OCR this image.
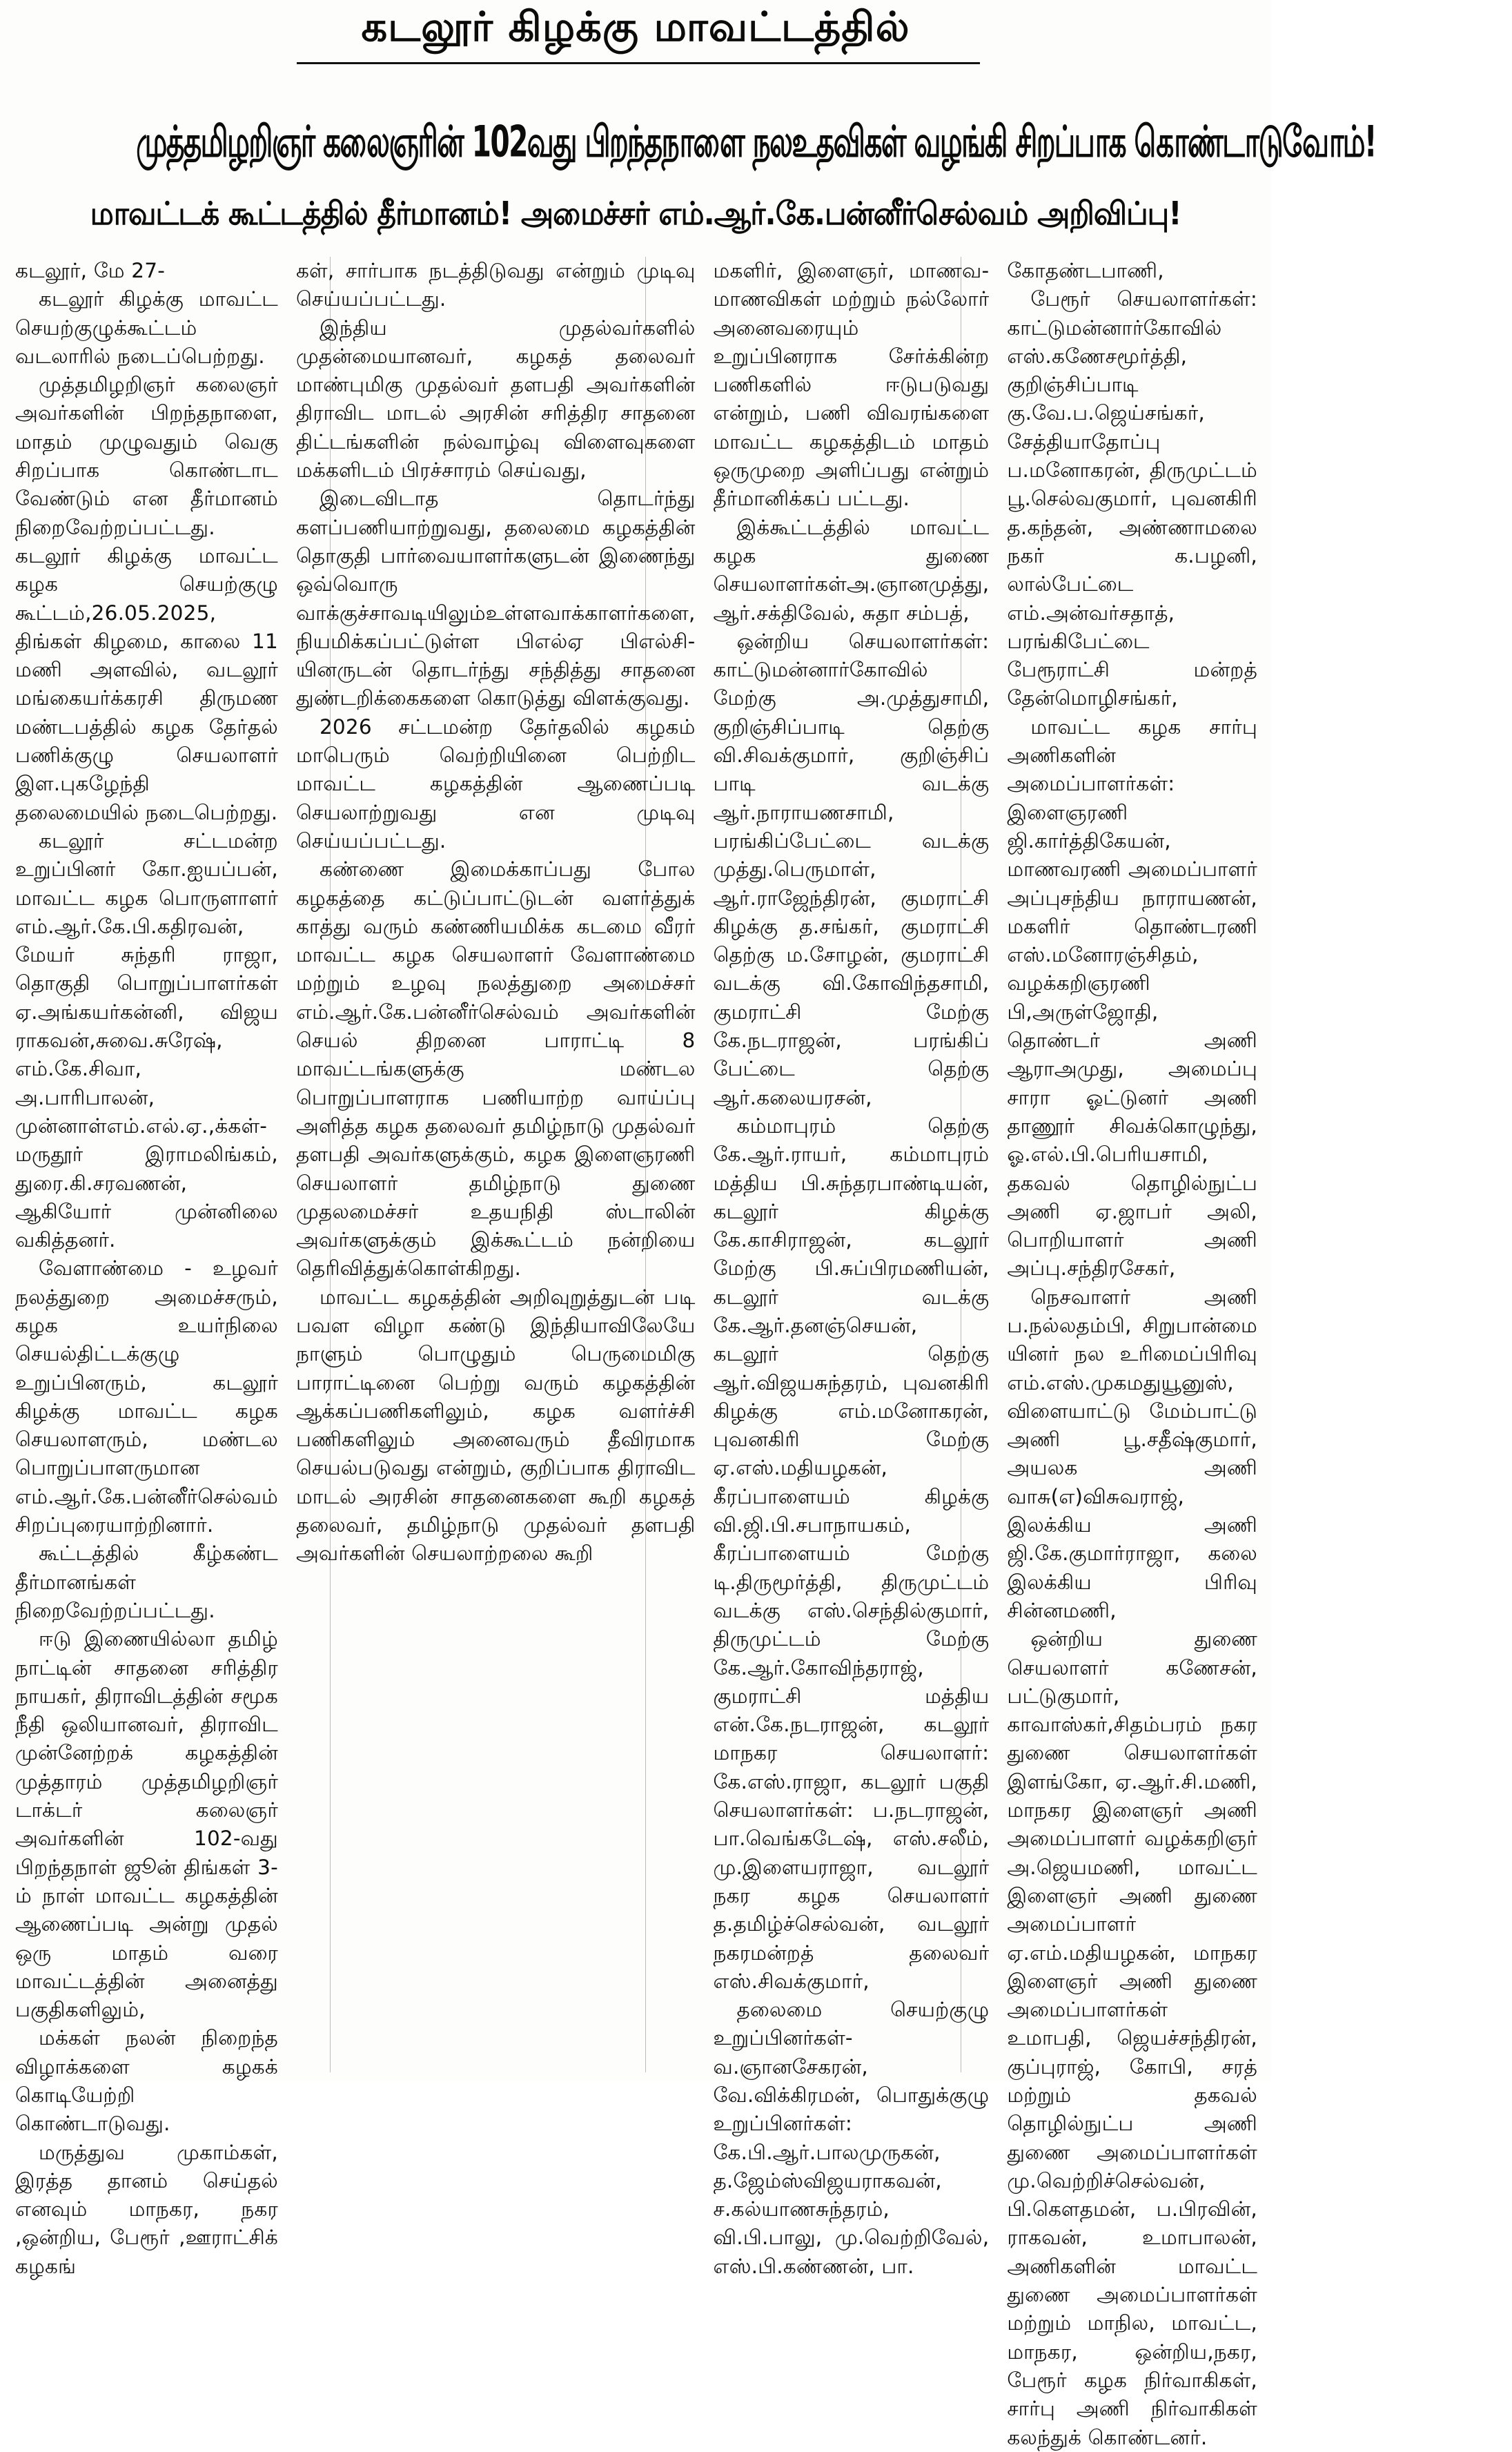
கடலூர் கிழக்கு மாவட்டத்தில்
முத்தமிழறிஞர் கலைஞரின் 102வது பிறந்தநாளை நலஉதவிகள் வழங்கி சிறப்பாக கொண்டாடுவோம்!
மாவட்டக் கூட்டத்தில் தீர்மானம்! அமைச்சர் எம்.ஆர்.கே.பன்னீர்செல்வம் அறிவிப்பு!

கடலூர், மே 27-

கடலூர் கிழக்கு மாவட்ட செயற்குழுக்கூட்டம் வடலாரில் நடைப்பெற்றது.

முத்தமிழறிஞர் கலைஞர் அவர்களின் பிறந்தநாளை, மாதம் முழுவதும் வெகு சிறப்பாக கொண்டாட வேண்டும் என தீர்மானம் நிறைவேற்றப்பட்டது. கடலூர் கிழக்கு மாவட்ட கழக செயற்குழு கூட்டம்,26.05.2025, திங்கள் கிழமை, காலை 11 மணி அளவில், வடலூர் மங்கையர்க்கரசி திருமண மண்டபத்தில் கழக தேர்தல் பணிக்குழு செயலாளர் இள.புகழேந்தி தலைமையில் நடைபெற்றது.

கடலூர் சட்டமன்ற உறுப்பினர் கோ.ஐயப்பன், மாவட்ட கழக பொருளாளர் எம்.ஆர்.கே.பி.கதிரவன், மேயர் சுந்தரி ராஜா, தொகுதி பொறுப்பாளர்கள் ஏ.அங்கயர்கன்னி, விஜய ராகவன்,சுவை.சுரேஷ், எம்.கே.சிவா, அ.பாரிபாலன், முன்னாள்எம்.எல்.ஏ.,க்கள்- மருதூர் இராமலிங்கம், துரை.கி.சரவணன், ஆகியோர் முன்னிலை வகித்தனர்.

வேளாண்மை - உழவர் நலத்துறை அமைச்சரும், கழக உயர்நிலை செயல்திட்டக்குழு உறுப்பினரும், கடலூர் கிழக்கு மாவட்ட கழக செயலாளரும், மண்டல பொறுப்பாளருமான எம்.ஆர்.கே.பன்னீர்செல்வம் சிறப்புரையாற்றினார்.

கூட்டத்தில் கீழ்கண்ட தீர்மானங்கள் நிறைவேற்றப்பட்டது.

ஈடு இணையில்லா தமிழ் நாட்டின் சாதனை சரித்திர நாயகர், திராவிடத்தின் சமூக நீதி ஒலியானவர், திராவிட முன்னேற்றக் கழகத்தின் முத்தாரம் முத்தமிழறிஞர் டாக்டர் கலைஞர் அவர்களின் 102-வது பிறந்தநாள் ஜூன் திங்கள் 3-ம் நாள் மாவட்ட கழகத்தின் ஆணைப்படி அன்று முதல் ஒரு மாதம் வரை மாவட்டத்தின் அனைத்து பகுதிகளிலும்,

மக்கள் நலன் நிறைந்த விழாக்களை கழகக் கொடியேற்றி கொண்டாடுவது.

மருத்துவ முகாம்கள், இரத்த தானம் செய்தல் எனவும் மாநகர, நகர ,ஒன்றிய, பேரூர் ,ஊராட்சிக் கழகங்

கள், சார்பாக நடத்திடுவது என்றும் முடிவு செய்யப்பட்டது.

இந்திய முதல்வர்களில் முதன்மையானவர், கழகத் தலைவர் மாண்புமிகு முதல்வர் தளபதி அவர்களின் திராவிட மாடல் அரசின் சரித்திர சாதனை திட்டங்களின் நல்வாழ்வு விளைவுகளை மக்களிடம் பிரச்சாரம் செய்வது,

இடைவிடாத தொடர்ந்து களப்பணியாற்றுவது, தலைமை கழகத்தின் தொகுதி பார்வையாளர்களுடன் இணைந்து ஒவ்வொரு வாக்குச்சாவடியிலும்உள்ளவாக்காளர்களை, நியமிக்கப்பட்டுள்ள பிஎல்ஏ பிஎல்சி- யினருடன் தொடர்ந்து சந்தித்து சாதனை துண்டறிக்கைகளை கொடுத்து விளக்குவது.

2026 சட்டமன்ற தேர்தலில் கழகம் மாபெரும் வெற்றியினை பெற்றிட மாவட்ட கழகத்தின் ஆணைப்படி செயலாற்றுவது என முடிவு செய்யப்பட்டது.

கண்ணை இமைக்காப்பது போல கழகத்தை கட்டுப்பாட்டுடன் வளர்த்துக் காத்து வரும் கண்ணியமிக்க கடமை வீரர் மாவட்ட கழக செயலாளர் வேளாண்மை மற்றும் உழவு நலத்துறை அமைச்சர் எம்.ஆர்.கே.பன்னீர்செல்வம் அவர்களின் செயல் திறனை பாராட்டி 8 மாவட்டங்களுக்கு மண்டல பொறுப்பாளராக பணியாற்ற வாய்ப்பு அளித்த கழக தலைவர் தமிழ்நாடு முதல்வர் தளபதி அவர்களுக்கும், கழக இளைஞரணி செயலாளர் தமிழ்நாடு துணை முதலமைச்சர் உதயநிதி ஸ்டாலின் அவர்களுக்கும் இக்கூட்டம் நன்றியை தெரிவித்துக்கொள்கிறது.

மாவட்ட கழகத்தின் அறிவுறுத்துடன் படி பவள விழா கண்டு இந்தியாவிலேயே நாளும் பொழுதும் பெருமைமிகு பாராட்டினை பெற்று வரும் கழகத்தின் ஆக்கப்பணிகளிலும், கழக வளர்ச்சி பணிகளிலும் அனைவரும் தீவிரமாக செயல்படுவது என்றும், குறிப்பாக திராவிட மாடல் அரசின் சாதனைகளை கூறி கழகத் தலைவர், தமிழ்நாடு முதல்வர் தளபதி அவர்களின் செயலாற்றலை கூறி

மகளிர், இளைஞர், மாணவ-மாணவிகள் மற்றும் நல்லோர் அனைவரையும் உறுப்பினராக சேர்க்கின்ற பணிகளில் ஈடுபடுவது என்றும், பணி விவரங்களை மாவட்ட கழகத்திடம் மாதம் ஒருமுறை அளிப்பது என்றும் தீர்மானிக்கப் பட்டது.

இக்கூட்டத்தில் மாவட்ட கழக துணை செயலாளர்கள்அ.ஞானமுத்து, ஆர்.சக்திவேல், சுதா சம்பத்,

ஒன்றிய செயலாளர்கள்: காட்டுமன்னார்கோவில் மேற்கு அ.முத்துசாமி, குறிஞ்சிப்பாடி தெற்கு வி.சிவக்குமார், குறிஞ்சிப் பாடி வடக்கு ஆர்.நாராயணசாமி, பரங்கிப்பேட்டை வடக்கு முத்து.பெருமாள், ஆர்.ராஜேந்திரன், குமராட்சி கிழக்கு த.சங்கர், குமராட்சி தெற்கு ம.சோழன், குமராட்சி வடக்கு வி.கோவிந்தசாமி, குமராட்சி மேற்கு கே.நடராஜன், பரங்கிப் பேட்டை தெற்கு ஆர்.கலையரசன்,

கம்மாபுரம் தெற்கு கே.ஆர்.ராயர், கம்மாபுரம் மத்திய பி.சுந்தரபாண்டியன், கடலூர் கிழக்கு கே.காசிராஜன், கடலூர் மேற்கு பி.சுப்பிரமணியன், கடலூர் வடக்கு கே.ஆர்.தனஞ்செயன், கடலூர் தெற்கு ஆர்.விஜயசுந்தரம், புவனகிரி கிழக்கு எம்.மனோகரன், புவனகிரி மேற்கு ஏ.எஸ்.மதியழகன், கீரப்பாளையம் கிழக்கு வி.ஜி.பி.சபாநாயகம், கீரப்பாளையம் மேற்கு டி.திருமூர்த்தி, திருமுட்டம் வடக்கு எஸ்.செந்தில்குமார், திருமுட்டம் மேற்கு கே.ஆர்.கோவிந்தராஜ், குமராட்சி மத்திய என்.கே.நடராஜன், கடலூர் மாநகர செயலாளர்: கே.எஸ்.ராஜா, கடலூர் பகுதி செயலாளர்கள்: ப.நடராஜன், பா.வெங்கடேஷ், எஸ்.சலீம், மு.இளையராஜா, வடலூர் நகர கழக செயலாளர் த.தமிழ்ச்செல்வன், வடலூர் நகரமன்றத் தலைவர் எஸ்.சிவக்குமார்,

தலைமை செயற்குழு உறுப்பினர்கள்- வ.ஞானசேகரன், வே.விக்கிரமன், பொதுக்குழு உறுப்பினர்கள்: கே.பி.ஆர்.பாலமுருகன், த.ஜேம்ஸ்விஜயராகவன், ச.கல்யாணசுந்தரம், வி.பி.பாலு, மு.வெற்றிவேல், எஸ்.பி.கண்ணன், பா.

கோதண்டபாணி,

பேரூர் செயலாளர்கள்: காட்டுமன்னார்கோவில் எஸ்.கணேசமூர்த்தி, குறிஞ்சிப்பாடி கு.வே.ப.ஜெய்சங்கர், சேத்தியாதோப்பு ப.மனோகரன், திருமுட்டம் பூ.செல்வகுமார், புவனகிரி த.கந்தன், அண்ணாமலை நகர் க.பழனி, லால்பேட்டை எம்.அன்வர்சதாத், பரங்கிபேட்டை பேரூராட்சி மன்றத் தேன்மொழிசங்கர்,

மாவட்ட கழக சார்பு அணிகளின் அமைப்பாளர்கள்: இளைஞரணி ஜி.கார்த்திகேயன், மாணவரணி அமைப்பாளர் அப்புசந்திய நாராயணன், மகளிர் தொண்டரணி எஸ்.மனோரஞ்சிதம், வழக்கறிஞரணி பி,அருள்ஜோதி, தொண்டர் அணி ஆராஅமுது, அமைப்பு சாரா ஓட்டுனர் அணி தாணூர் சிவக்கொழுந்து, ஓ.எல்.பி.பெரியசாமி, தகவல் தொழில்நுட்ப அணி ஏ.ஜாபர் அலி, பொறியாளர் அணி அப்பு.சந்திரசேகர்,

நெசவாளர் அணி ப.நல்லதம்பி, சிறுபான்மை யினர் நல உரிமைப்பிரிவு எம்.எஸ்.முகமதுயூனுஸ், விளையாட்டு மேம்பாட்டு அணி பூ.சதீஷ்குமார், அயலக அணி வாசு(எ)விசுவராஜ், இலக்கிய அணி ஜி.கே.குமார்ராஜா, கலை இலக்கிய பிரிவு சின்னமணி,

ஒன்றிய துணை செயலாளர் கணேசன், பட்டுகுமார், காவாஸ்கர்,சிதம்பரம் நகர துணை செயலாளர்கள் இளங்கோ, ஏ.ஆர்.சி.மணி, மாநகர இளைஞர் அணி அமைப்பாளர் வழக்கறிஞர் அ.ஜெயமணி, மாவட்ட இளைஞர் அணி துணை அமைப்பாளர் ஏ.எம்.மதியழகன், மாநகர இளைஞர் அணி துணை அமைப்பாளர்கள் உமாபதி, ஜெயச்சந்திரன், குப்புராஜ், கோபி, சரத் மற்றும் தகவல் தொழில்நுட்ப அணி துணை அமைப்பாளர்கள் மு.வெற்றிச்செல்வன், பி.கௌதமன், ப.பிரவின், ராகவன், உமாபாலன், அணிகளின் மாவட்ட துணை அமைப்பாளர்கள் மற்றும் மாநில, மாவட்ட, மாநகர, ஒன்றிய,நகர, பேரூர் கழக நிர்வாகிகள், சார்பு அணி நிர்வாகிகள் கலந்துக் கொண்டனர்.
